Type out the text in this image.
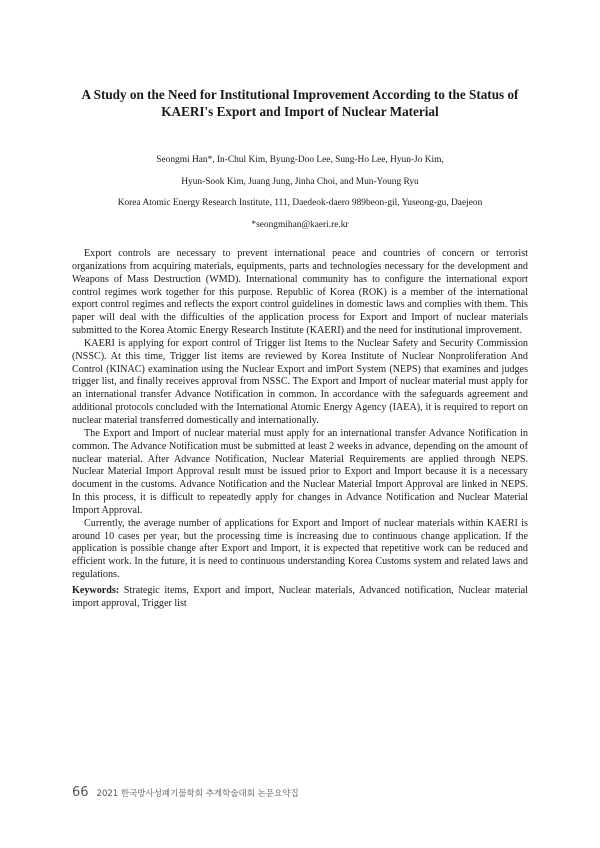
A Study on the Need for Institutional Improvement According to the Status of
KAERI's Export and Import of Nuclear Material

Seongmi Han*, In-Chul Kim, Byung-Doo Lee, Sung-Ho Lee, Hyun-Jo Kim,

Hyun-Sook Kim, Juang Jung, Jinha Choi, and Mun-Young Ryu

Korea Atomic Energy Research Institute, 111, Daedeok-daero 989beon-gil, Yuseong-gu, Daejeon

*seongmihan@kaeri.re.kr

Export controls are necessary to prevent international peace and countries of concern or terrorist organizations from acquiring materials, equipments, parts and technologies necessary for the development and Weapons of Mass Destruction (WMD). International community has to configure the international export control regimes work together for this purpose. Republic of Korea (ROK) is a member of the international export control regimes and reflects the export control guidelines in domestic laws and complies with them. This paper will deal with the difficulties of the application process for Export and Import of nuclear materials submitted to the Korea Atomic Energy Research Institute (KAERI) and the need for institutional improvement.

KAERI is applying for export control of Trigger list Items to the Nuclear Safety and Security Commission (NSSC). At this time, Trigger list items are reviewed by Korea Institute of Nuclear Nonproliferation And Control (KINAC) examination using the Nuclear Export and imPort System (NEPS) that examines and judges trigger list, and finally receives approval from NSSC. The Export and Import of nuclear material must apply for an international transfer Advance Notification in common. In accordance with the safeguards agreement and additional protocols concluded with the International Atomic Energy Agency (IAEA), it is required to report on nuclear material transferred domestically and internationally.

The Export and Import of nuclear material must apply for an international transfer Advance Notification in common. The Advance Notification must be submitted at least 2 weeks in advance, depending on the amount of nuclear material. After Advance Notification, Nuclear Material Requirements are applied through NEPS. Nuclear Material Import Approval result must be issued prior to Export and Import because it is a necessary document in the customs. Advance Notification and the Nuclear Material Import Approval are linked in NEPS. In this process, it is difficult to repeatedly apply for changes in Advance Notification and Nuclear Material Import Approval.

Currently, the average number of applications for Export and Import of nuclear materials within KAERI is around 10 cases per year, but the processing time is increasing due to continuous change application. If the application is possible change after Export and Import, it is expected that repetitive work can be reduced and efficient work. In the future, it is need to continuous understanding Korea Customs system and related laws and regulations.

Keywords: Strategic items, Export and import, Nuclear materials, Advanced notification, Nuclear material import approval, Trigger list

66 2021 한국방사성폐기물학회 추계학술대회 논문요약집
